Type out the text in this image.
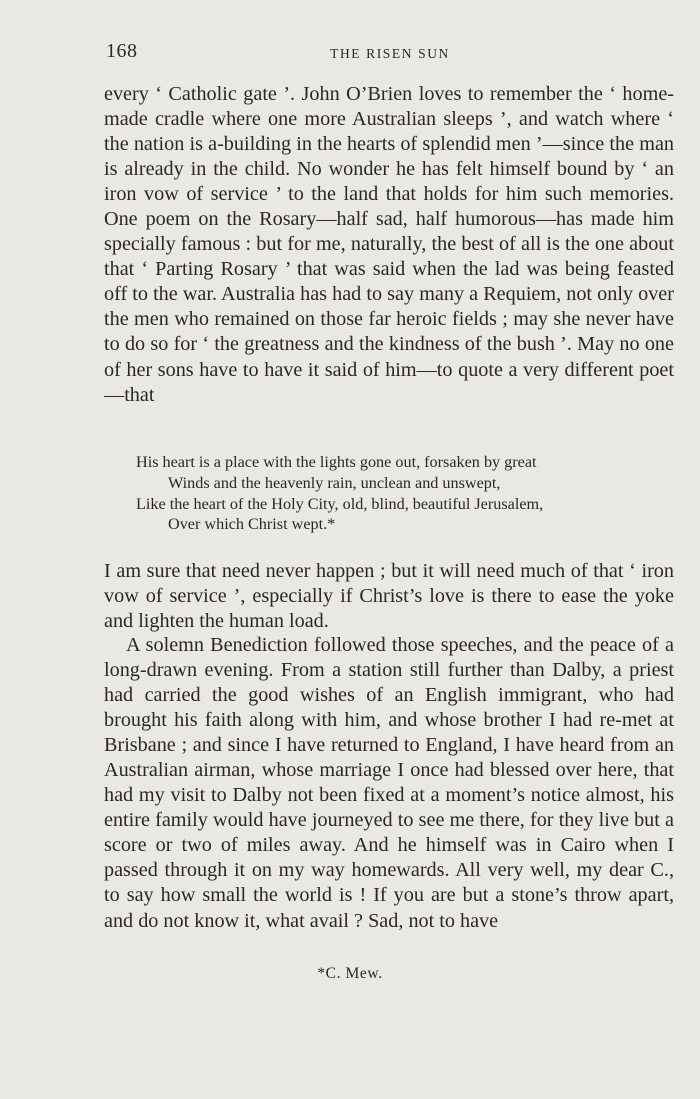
168	THE RISEN SUN

every ‘ Catholic gate ’. John O’Brien loves to remember the ‘ home-made cradle where one more Australian sleeps ’, and watch where ‘ the nation is a-building in the hearts of splendid men ’—since the man is already in the child. No wonder he has felt himself bound by ‘ an iron vow of service ’ to the land that holds for him such memories. One poem on the Rosary—half sad, half humorous—has made him specially famous : but for me, naturally, the best of all is the one about that ‘ Parting Rosary ’ that was said when the lad was being feasted off to the war. Australia has had to say many a Requiem, not only over the men who remained on those far heroic fields ; may she never have to do so for ‘ the greatness and the kindness of the bush ’. May no one of her sons have to have it said of him—to quote a very different poet—that

His heart is a place with the lights gone out, forsaken by great
Winds and the heavenly rain, unclean and unswept,
Like the heart of the Holy City, old, blind, beautiful Jerusalem,
Over which Christ wept.*

I am sure that need never happen ; but it will need much of that ‘ iron vow of service ’, especially if Christ’s love is there to ease the yoke and lighten the human load.

A solemn Benediction followed those speeches, and the peace of a long-drawn evening. From a station still further than Dalby, a priest had carried the good wishes of an English immigrant, who had brought his faith along with him, and whose brother I had re-met at Brisbane ; and since I have returned to England, I have heard from an Australian airman, whose marriage I once had blessed over here, that had my visit to Dalby not been fixed at a moment’s notice almost, his entire family would have journeyed to see me there, for they live but a score or two of miles away. And he himself was in Cairo when I passed through it on my way homewards. All very well, my dear C., to say how small the world is ! If you are but a stone’s throw apart, and do not know it, what avail ? Sad, not to have

*C. Mew.
